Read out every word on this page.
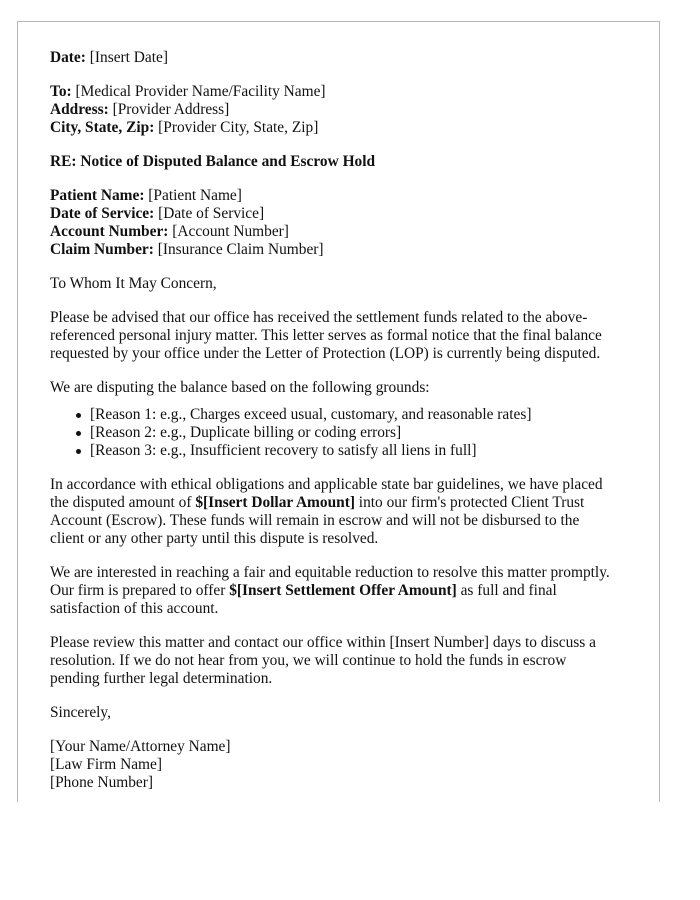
Date: [Insert Date]

To: [Medical Provider Name/Facility Name]
Address: [Provider Address]
City, State, Zip: [Provider City, State, Zip]

RE: Notice of Disputed Balance and Escrow Hold

Patient Name: [Patient Name]
Date of Service: [Date of Service]
Account Number: [Account Number]
Claim Number: [Insurance Claim Number]

To Whom It May Concern,

Please be advised that our office has received the settlement funds related to the above-
referenced personal injury matter. This letter serves as formal notice that the final balance
requested by your office under the Letter of Protection (LOP) is currently being disputed.

We are disputing the balance based on the following grounds:

[Reason 1: e.g., Charges exceed usual, customary, and reasonable rates]
[Reason 2: e.g., Duplicate billing or coding errors]
[Reason 3: e.g., Insufficient recovery to satisfy all liens in full]

In accordance with ethical obligations and applicable state bar guidelines, we have placed
the disputed amount of $[Insert Dollar Amount] into our firm's protected Client Trust
Account (Escrow). These funds will remain in escrow and will not be disbursed to the
client or any other party until this dispute is resolved.

We are interested in reaching a fair and equitable reduction to resolve this matter promptly.
Our firm is prepared to offer $[Insert Settlement Offer Amount] as full and final
satisfaction of this account.

Please review this matter and contact our office within [Insert Number] days to discuss a
resolution. If we do not hear from you, we will continue to hold the funds in escrow
pending further legal determination.

Sincerely,

[Your Name/Attorney Name]
[Law Firm Name]
[Phone Number]
